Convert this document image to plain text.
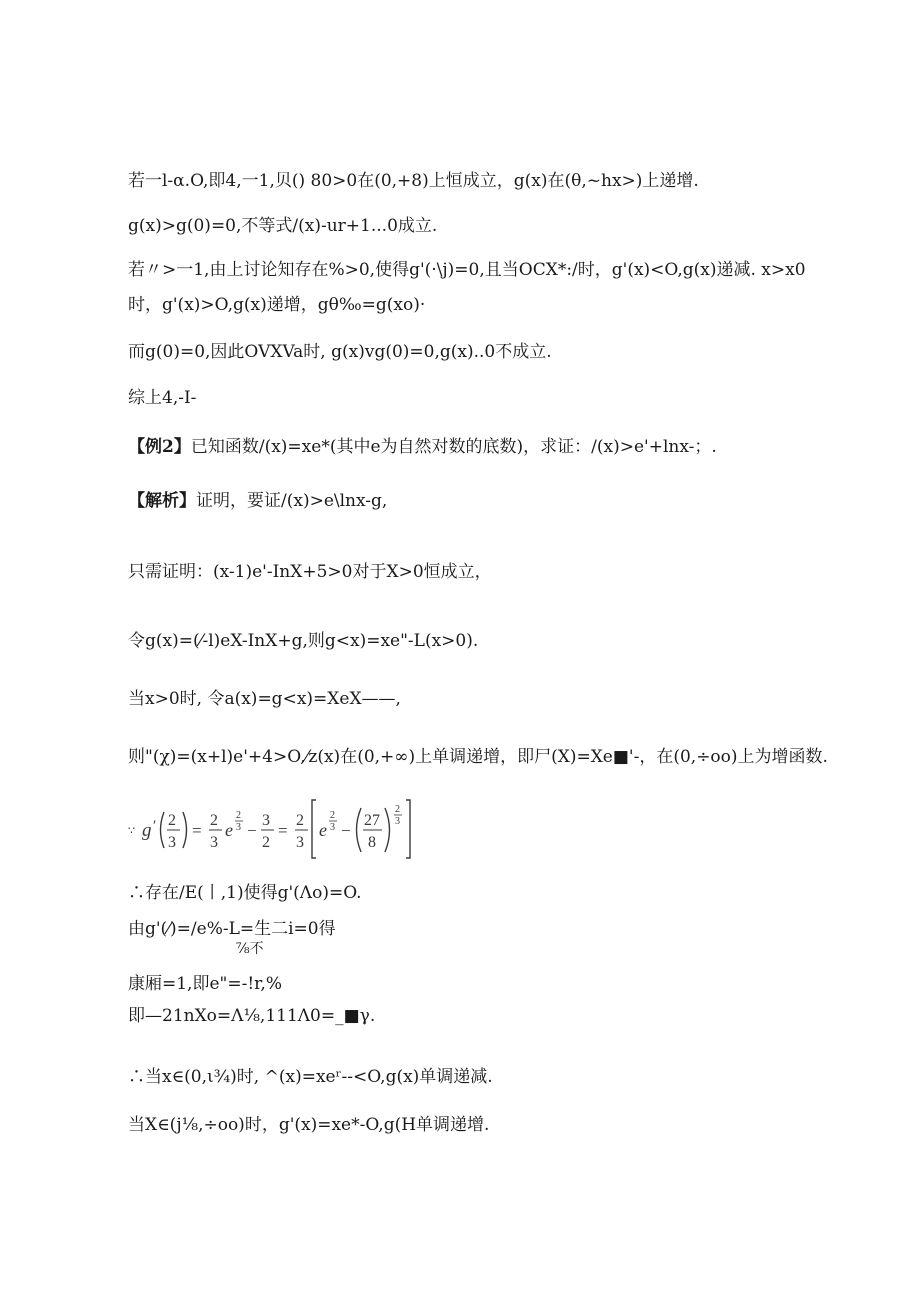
若一l-α.O,即4,一1,贝() 80>0在(0,+8)上恒成立，g(x)在(θ,~hx>)上递增.
g(x)>g(0)=0,不等式/(x)-ur+1...0成立.
若〃>一1,由上讨论知存在%>0,使得g'(·\j)=0,且当OCX*:/时，g'(x)<O,g(x)递减. x>x0
时，g'(x)>O,g(x)递增，gθ‰=g(xo)·
而g(0)=0,因此OVXVa时, g(x)vg(0)=0,g(x)..0不成立.
综上4,-I-
【例2】已知函数/(x)=xe*(其中e为自然对数的底数)，求证：/(x)>e'+lnx-；.
【解析】证明，要证/(x)>e\lnx-g,
只需证明：(x-1)e'-InX+5>0对于X>0恒成立，
令g(x)=(⁄-l)eX-InX+g,则g<x)=xe"-L(x>0).
当x>0时, 令a(x)=g<x)=XeX——,
则"(χ)=(x+l)e'+4>O,⁄z(x)在(0,+∞)上单调递增，即尸(X)=Xe■'-，在(0,÷oo)上为增函数.
∵ g ′ 2
3
=
2
3
e
2
3 −
3
2
=
2
3
e
2
3 −
27
8
2
3
∴存在/E(丨,1)使得g'(Λo)=O.
由g'(⁄)=∕e%-L=生二i=0得
⅞不
康厢=1,即e"=-!r,%
即—21nXo=Λ⅛,111Λ0=_■γ.
∴当x∈(0,ι¾)时, ^(x)=xeʳ--<O,g(x)单调递减.
当X∈(j⅛,÷oo)时，g'(x)=xe*-O,g(H单调递增.
